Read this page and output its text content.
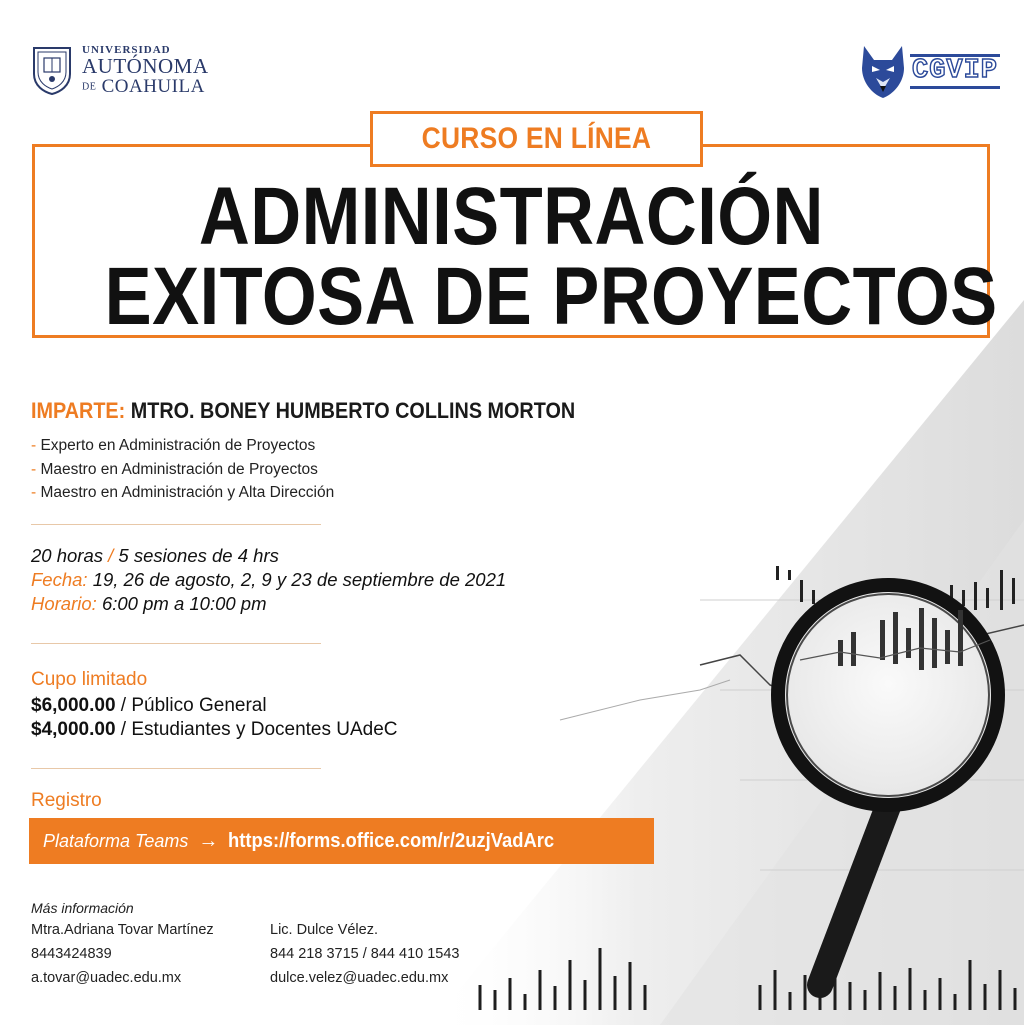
UNIVERSIDAD
AUTÓNOMA
DE COAHUILA
CGVIP
CURSO EN LÍNEA
ADMINISTRACIÓN
EXITOSA DE PROYECTOS
IMPARTE: MTRO. BONEY HUMBERTO COLLINS MORTON
- Experto en Administración de Proyectos
- Maestro en Administración de Proyectos
- Maestro en Administración y Alta Dirección
20 horas / 5 sesiones de 4 hrs
Fecha: 19, 26 de agosto, 2, 9 y 23 de septiembre de 2021
Horario: 6:00 pm a 10:00 pm
Cupo limitado
$6,000.00 / Público General
$4,000.00 / Estudiantes y Docentes UAdeC
Registro
Plataforma Teams → https://forms.office.com/r/2uzjVadArc
Más información
Mtra.Adriana Tovar Martínez
8443424839
a.tovar@uadec.edu.mx
Lic. Dulce Vélez.
844 218 3715 / 844 410 1543
dulce.velez@uadec.edu.mx
